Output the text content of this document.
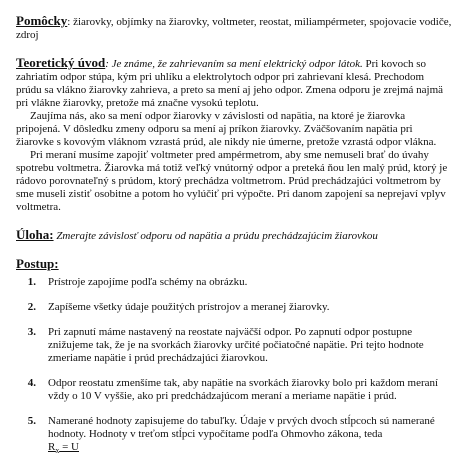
Pomôcky: žiarovky, objímky na žiarovky, voltmeter, reostat, miliampérmeter, spojovacie vodiče, zdroj

Teoretický úvod: Je známe, že zahrievaním sa mení elektrický odpor látok. Pri kovoch so zahriatím odpor stúpa, kým pri uhlíku a elektrolytoch odpor pri zahrievaní klesá. Prechodom prúdu sa vlákno žiarovky zahrieva, a preto sa mení aj jeho odpor. Zmena odporu je zrejmá najmä pri vlákne žiarovky, pretože má značne vysokú teplotu.

Zaujíma nás, ako sa mení odpor žiarovky v závislosti od napätia, na ktoré je žiarovka pripojená. V dôsledku zmeny odporu sa mení aj príkon žiarovky. Zväčšovaním napätia pri žiarovke s kovovým vláknom vzrastá prúd, ale nikdy nie úmerne, pretože vzrastá odpor vlákna.

Pri meraní musíme zapojiť voltmeter pred ampérmetrom, aby sme nemuseli brať do úvahy spotrebu voltmetra. Žiarovka má totiž veľký vnútorný odpor a preteká ňou len malý prúd, ktorý je rádovo porovnateľný s prúdom, ktorý prechádza voltmetrom. Prúd prechádzajúci voltmetrom by sme museli zistiť osobitne a potom ho vylúčiť pri výpočte. Pri danom zapojení sa neprejaví vplyv voltmetra.

Úloha: Zmerajte závislosť odporu od napätia a prúdu prechádzajúcim žiarovkou

Postup:

1.	Prístroje zapojíme podľa schémy na obrázku.
2.	Zapíšeme všetky údaje použitých prístrojov a meranej žiarovky.
3.	Pri zapnutí máme nastavený na reostate najväčší odpor. Po zapnutí odpor postupne znižujeme tak, že je na svorkách žiarovky určité počiatočné napätie. Pri tejto hodnote zmeriame napätie i prúd prechádzajúci žiarovkou.
4.	Odpor reostatu zmenšíme tak, aby napätie na svorkách žiarovky bolo pri každom meraní vždy o 10 V vyššie, ako pri predchádzajúcom meraní a meriame napätie i prúd.
5.	Namerané hodnoty zapisujeme do tabuľky. Údaje v prvých dvoch stĺpcoch sú namerané hodnoty. Hodnoty v treťom stĺpci vypočítame podľa Ohmovho zákona, teda
$R_x = U$
